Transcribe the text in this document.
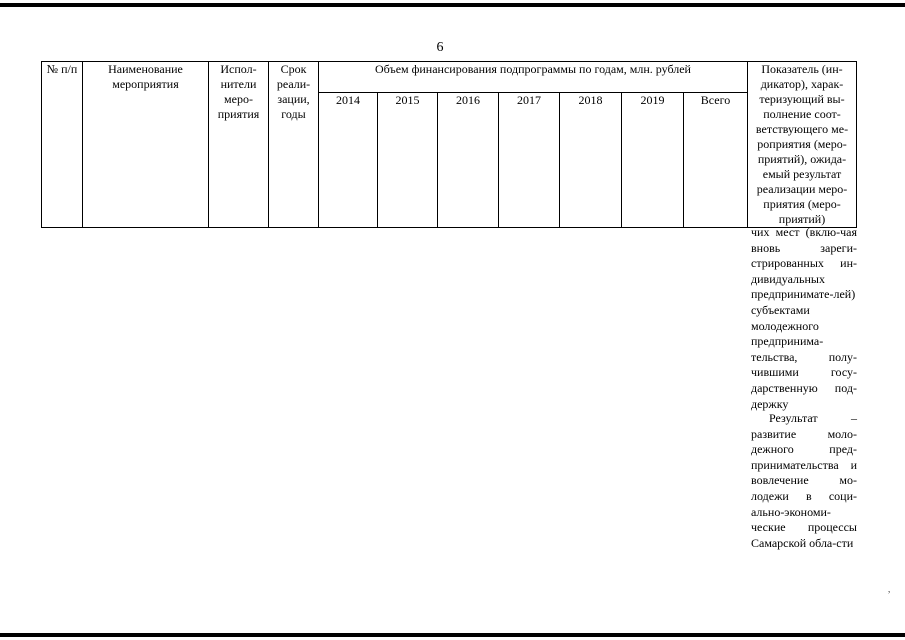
6
№ п/п	Наименование мероприятия	Испол-нители меро-приятия	Срок реали-зации, годы	Объем финансирования подпрограммы по годам, млн. рублей							Показатель (ин-дикатор), харак-теризующий вы-полнение соот-ветствующего ме-роприятия (меро-приятий), ожида-емый результат реализации меро-приятия (меро-приятий)
				2014	2015	2016	2017	2018	2019	Всего	
чих мест (вклю-чая вновь зареги-стрированных ин-дивидуальных предпринимате-лей) субъектами молодежного предпринима-тельства, полу-чившими госу-дарственную под-держку
Результат – развитие моло-дежного пред-принимательства и вовлечение мо-лодежи в соци-ально-экономи-ческие процессы Самарской обла-сти
,
